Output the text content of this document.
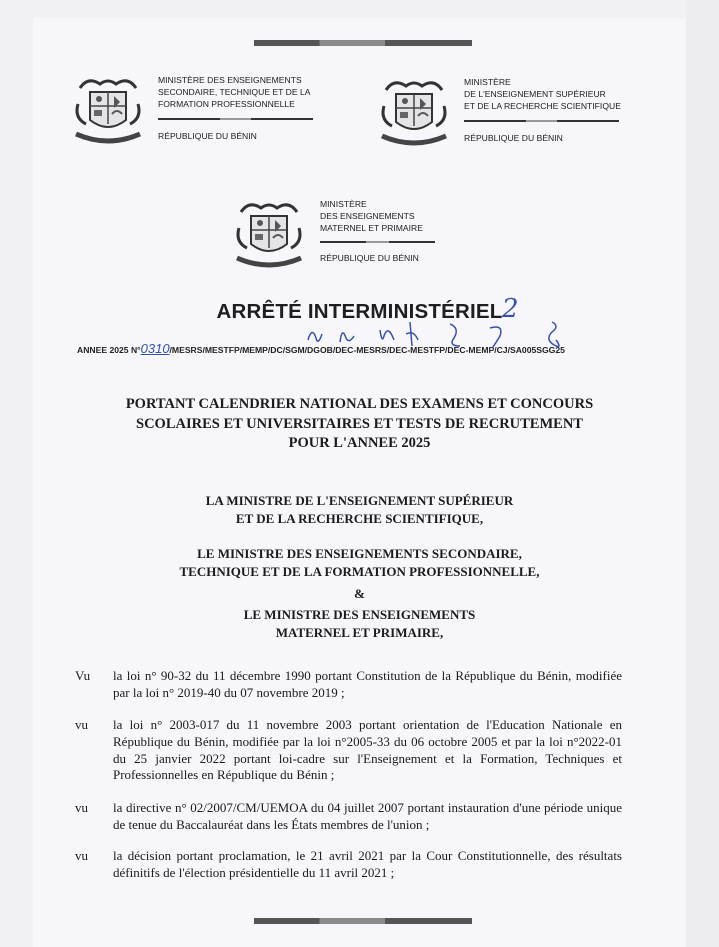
MINISTÈRE DES ENSEIGNEMENTS
SECONDAIRE, TECHNIQUE ET DE LA
FORMATION PROFESSIONNELLE
RÉPUBLIQUE DU BÉNIN
MINISTÈRE
DE L'ENSEIGNEMENT SUPÉRIEUR
ET DE LA RECHERCHE SCIENTIFIQUE
RÉPUBLIQUE DU BÉNIN
MINISTÈRE
DES ENSEIGNEMENTS
MATERNEL ET PRIMAIRE
RÉPUBLIQUE DU BÉNIN
ARRÊTÉ INTERMINISTÉRIEL 2
ANNEE 2025 N°0310/MESRS/MESTFP/MEMP/DC/SGM/DGOB/DEC-MESRS/DEC-MESTFP/DEC-MEMP/CJ/SA005SGG25
PORTANT CALENDRIER NATIONAL DES EXAMENS ET CONCOURS
SCOLAIRES ET UNIVERSITAIRES ET TESTS DE RECRUTEMENT
POUR L'ANNEE 2025
LA MINISTRE DE L'ENSEIGNEMENT SUPÉRIEUR
ET DE LA RECHERCHE SCIENTIFIQUE,
LE MINISTRE DES ENSEIGNEMENTS SECONDAIRE,
TECHNIQUE ET DE LA FORMATION PROFESSIONNELLE,
&
LE MINISTRE DES ENSEIGNEMENTS
MATERNEL ET PRIMAIRE,
Vu la loi n° 90-32 du 11 décembre 1990 portant Constitution de la République du Bénin, modifiée par la loi n° 2019-40 du 07 novembre 2019 ;
vu la loi n° 2003-017 du 11 novembre 2003 portant orientation de l'Education Nationale en République du Bénin, modifiée par la loi n°2005-33 du 06 octobre 2005 et par la loi n°2022-01 du 25 janvier 2022 portant loi-cadre sur l'Enseignement et la Formation, Techniques et Professionnelles en République du Bénin ;
vu la directive n° 02/2007/CM/UEMOA du 04 juillet 2007 portant instauration d'une période unique de tenue du Baccalauréat dans les États membres de l'union ;
vu la décision portant proclamation, le 21 avril 2021 par la Cour Constitutionnelle, des résultats définitifs de l'élection présidentielle du 11 avril 2021 ;
